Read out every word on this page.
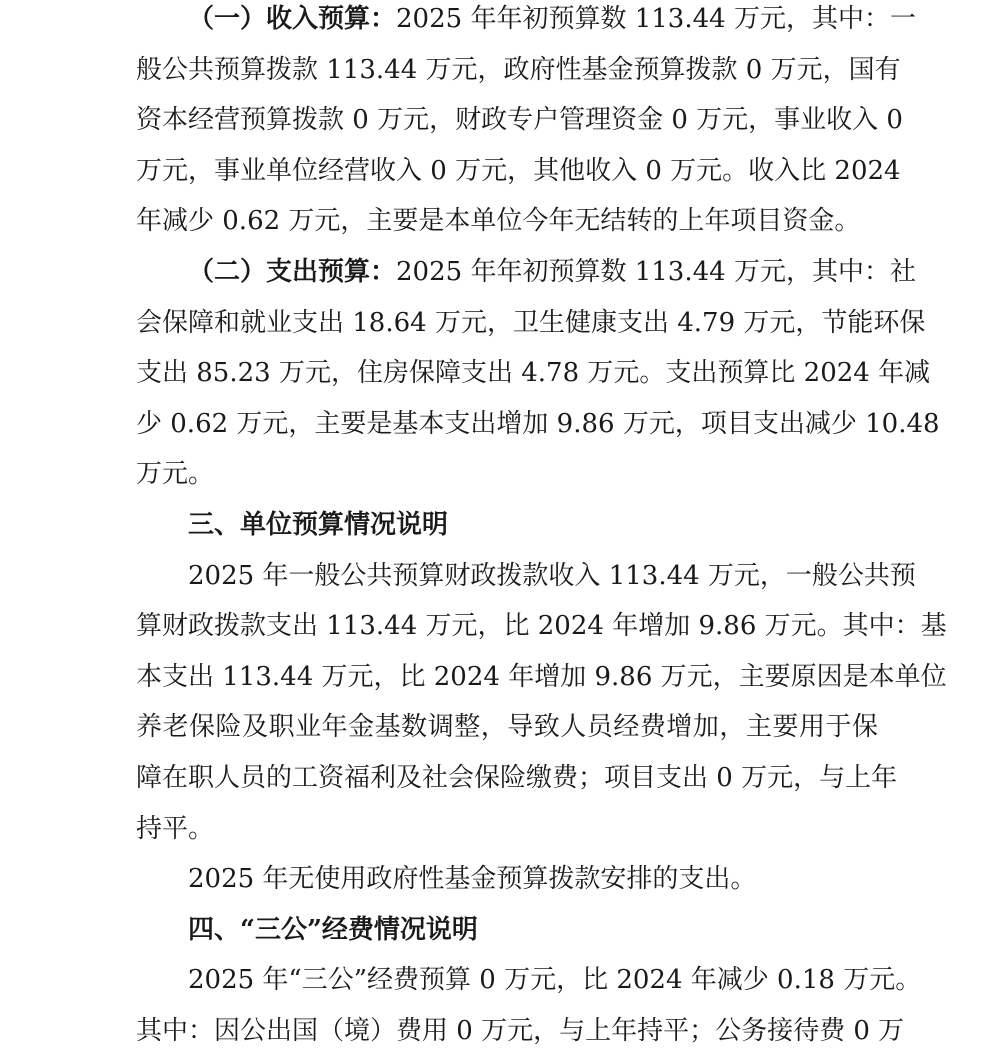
（一）收入预算：2025 年年初预算数 113.44 万元，其中：一
般公共预算拨款 113.44 万元，政府性基金预算拨款 0 万元，国有
资本经营预算拨款 0 万元，财政专户管理资金 0 万元，事业收入 0
万元，事业单位经营收入 0 万元，其他收入 0 万元。收入比 2024
年减少 0.62 万元，主要是本单位今年无结转的上年项目资金。
（二）支出预算：2025 年年初预算数 113.44 万元，其中：社
会保障和就业支出 18.64 万元，卫生健康支出 4.79 万元，节能环保
支出 85.23 万元，住房保障支出 4.78 万元。支出预算比 2024 年减
少 0.62 万元，主要是基本支出增加 9.86 万元，项目支出减少 10.48
万元。
三、单位预算情况说明
2025 年一般公共预算财政拨款收入 113.44 万元，一般公共预
算财政拨款支出 113.44 万元，比 2024 年增加 9.86 万元。其中：基
本支出 113.44 万元，比 2024 年增加 9.86 万元，主要原因是本单位
养老保险及职业年金基数调整，导致人员经费增加，主要用于保
障在职人员的工资福利及社会保险缴费；项目支出 0 万元，与上年
持平。
2025 年无使用政府性基金预算拨款安排的支出。
四、“三公”经费情况说明
2025 年“三公”经费预算 0 万元，比 2024 年减少 0.18 万元。
其中：因公出国（境）费用 0 万元，与上年持平；公务接待费 0 万
